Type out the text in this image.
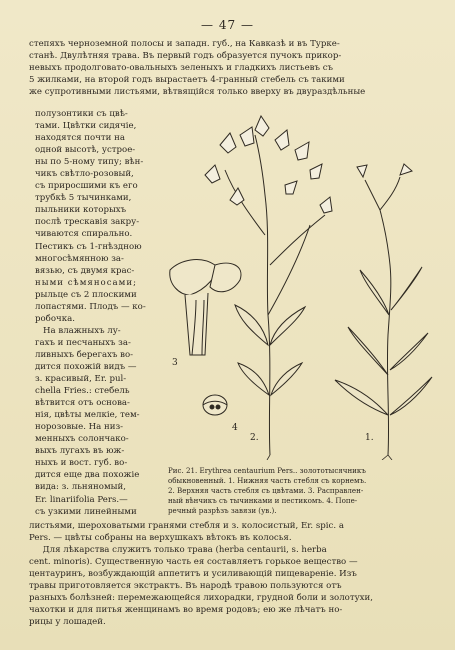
— 47 —
степяхъ черноземной полосы и западн. губ., на Кавказѣ и въ Турке-
станѣ. Двулѣтняя трава. Въ первый годъ образуется пучокъ прикор-
невыхъ продолговато-овальныхъ зеленыхъ и гладкихъ листьевъ съ
5 жилками, на второй годъ вырастаетъ 4-гранный стебель съ такими
же супротивными листьями, вѣтвящійся только вверху въ двураздѣльные
полузонтики съ цвѣ-
тами. Цвѣтки сидячіе,
находятся почти на
одной высотѣ, устрое-
ны по 5-ному типу; вѣн-
чикъ свѣтло-розовый,
съ приросшими къ его
трубкѣ 5 тычинками,
пыльники которыхъ
послѣ трескавія закру-
чиваются спирально.
Пестикъ съ 1-гнѣздною
многосѣмянною за-
вязью, съ двумя крас-
ными сѣмяносами;
рыльце съ 2 плоскими
лопастями. Плодъ — ко-
робочка.
На влажныхъ лу-
гахъ и песчаныхъ за-
ливныхъ берегахъ во-
дится похожій видъ —
з. красивый, Er. pul-
chella Fries.: стебель
вѣтвится отъ основа-
нія, цвѣты мелкіе, тем-
норозовые. На низ-
менныхъ солончако-
выхъ лугахъ въ юж-
ныхъ и вост. губ. во-
дится еще два похожіе
вида: з. льняномый,
Er. linariifolia Pers.—
съ узкими линейными
3
4
2.	1.
Рис. 21. Erythrea centaurium Pers.. золототысячникъ
обыкновенный. 1. Нижняя часть стебля съ корнемъ.
2. Верхняя часть стебля съ цвѣтами. 3. Расправлен-
ный вѣнчикъ съ тычинками и пестикомъ. 4. Попе-
речный разрѣзъ завязи (ув.).
листьями, шероховатыми гранями стебля и з. колосистый, Er. spic. a
Pers. — цвѣты собраны на верхушкахъ вѣтокъ въ колосья.
Для лѣкарства служитъ только трава (herba centaurii, s. herba
cent. minoris). Существенную часть ея составляетъ горькое вещество —
центауринъ, возбуждающій аппетитъ и усиливающій пищевареніе. Изъ
травы приготовляется экстрактъ. Въ народѣ травою пользуются отъ
разныхъ болѣзней: перемежающейся лихорадки, грудной боли и золотухи,
чахотки и для питья женщинамъ во время родовъ; ею же лѣчатъ но-
рицы у лошадей.
